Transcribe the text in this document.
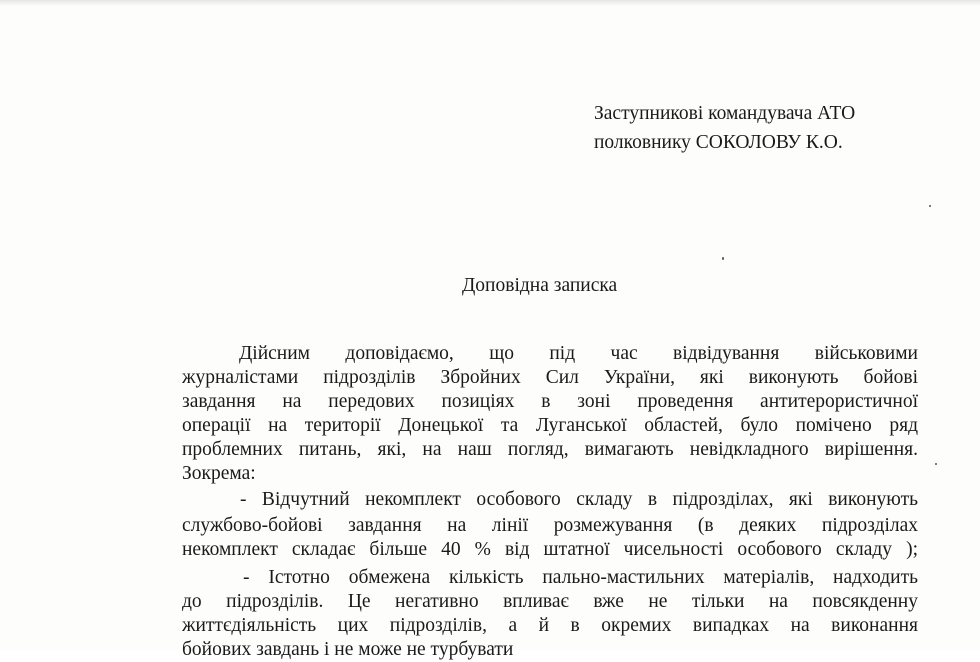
Заступникові командувача АТО
полковнику СОКОЛОВУ К.О.
Доповідна записка
Дійсним доповідаємо, що під час відвідування військовими
журналістами підрозділів Збройних Сил України, які виконують бойові
завдання на передових позиціях в зоні проведення антитерористичної
операції на території Донецької та Луганської областей, було помічено ряд
проблемних питань, які, на наш погляд, вимагають невідкладного вирішення.
Зокрема:
- Відчутний некомплект особового складу в підрозділах, які виконують
службово-бойові завдання на лінії розмежування (в деяких підрозділах
некомплект складає більше 40 % від штатної чисельності особового складу );
- Істотно обмежена кількість пально-мастильних матеріалів, надходить
до підрозділів. Це негативно впливає вже не тільки на повсякденну
життєдіяльність цих підрозділів, а й в окремих випадках на виконання
бойових завдань і не може не турбувати
